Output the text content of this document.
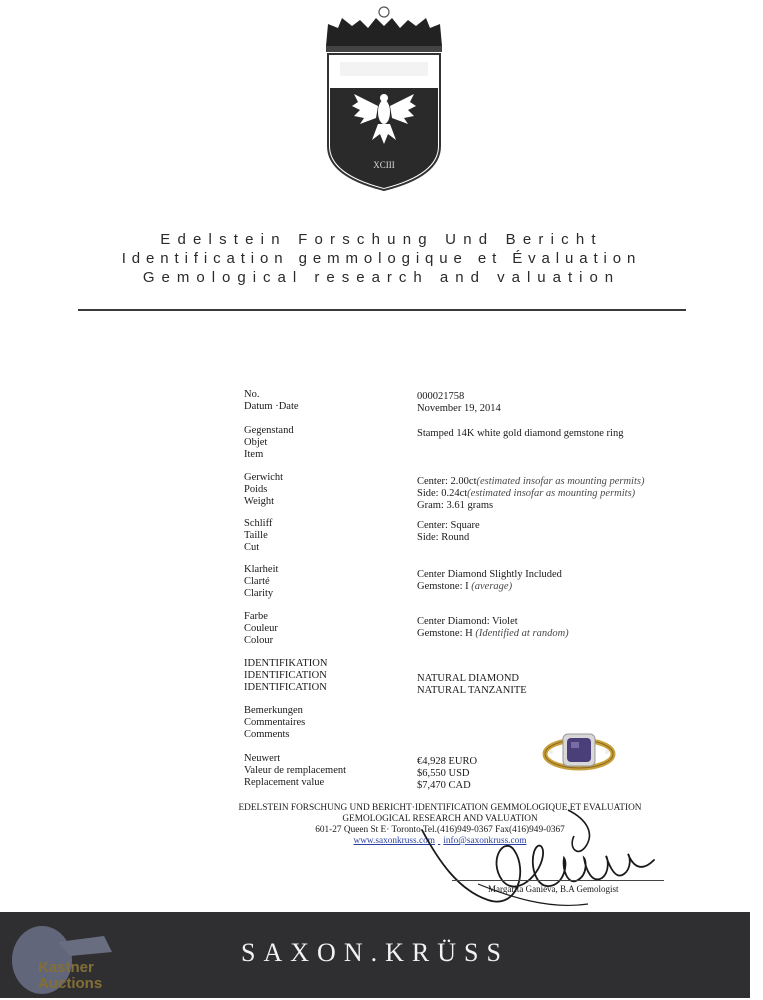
XCIII
Edelstein Forschung Und Bericht
Identification gemmologique et Évaluation
Gemological research and valuation
No.
Datum ·Date
000021758
November 19, 2014
Gegenstand
Objet
Item
Stamped 14K white gold diamond gemstone ring
Gerwicht
Poids
Weight
Center: 2.00ct(estimated insofar as mounting permits)
Side: 0.24ct(estimated insofar as mounting permits)
Gram: 3.61 grams
Schliff
Taille
Cut
Center: Square
Side: Round
Klarheit
Clarté
Clarity
Center Diamond Slightly Included
Gemstone: I (average)
Farbe
Couleur
Colour
Center Diamond: Violet
Gemstone: H (Identified at random)
IDENTIFIKATION
IDENTIFICATION
IDENTIFICATION
NATURAL DIAMOND
NATURAL TANZANITE
Bemerkungen
Commentaires
Comments
Neuwert
Valeur de remplacement
Replacement value
€4,928 EURO
$6,550 USD
$7,470 CAD
EDELSTEIN FORSCHUNG UND BERICHT·IDENTIFICATION GEMMOLOGIQUE ET EVALUATION
GEMOLOGICAL RESEARCH AND VALUATION
601-27 Queen St E· Toronto Tel.(416)949-0367 Fax(416)949-0367
www.saxonkruss.com info@saxonkruss.com
Margarita Ganieva, B.A Gemologist
SAXON.KRÜSS
Kastner
Auctions
